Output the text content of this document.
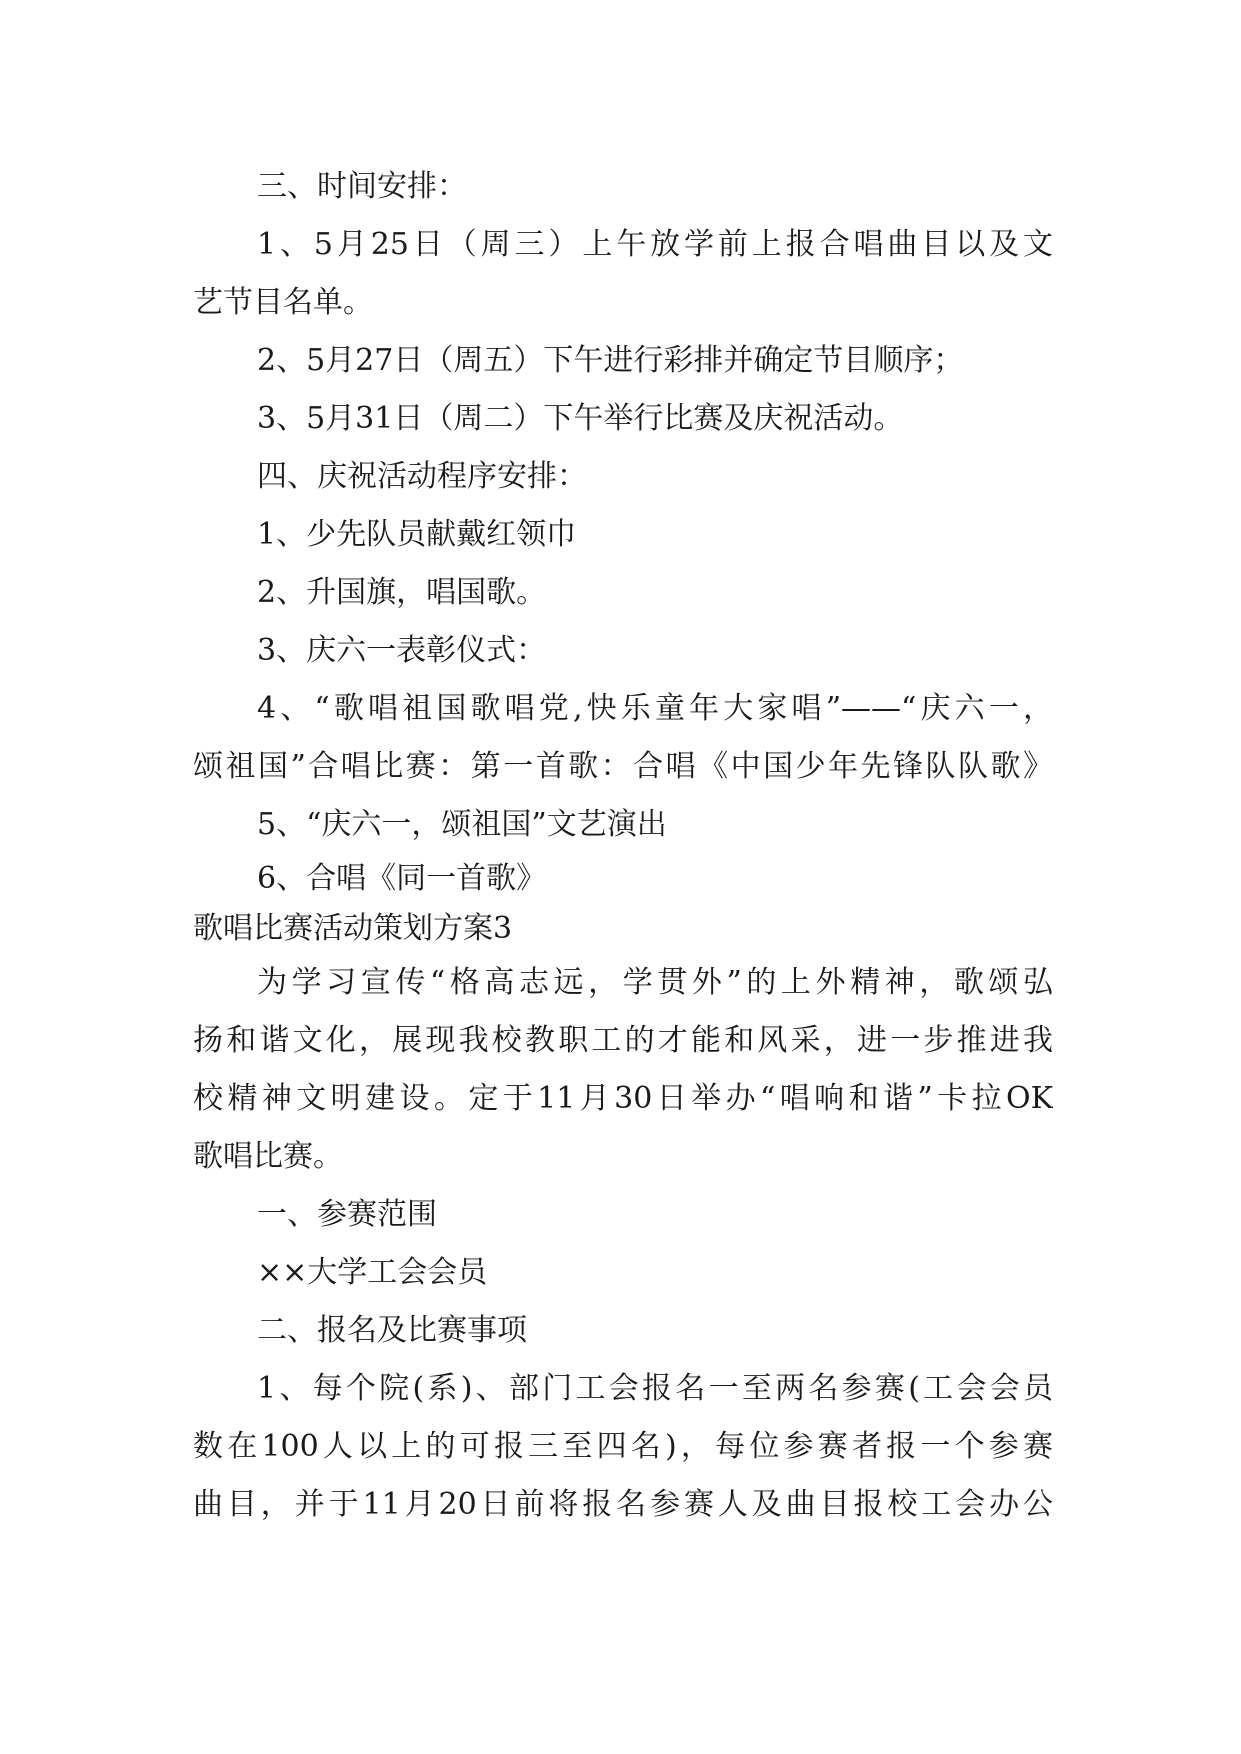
三、时间安排：
1、5月25日（周三）上午放学前上报合唱曲目以及文
艺节目名单。
2、5月27日（周五）下午进行彩排并确定节目顺序；
3、5月31日（周二）下午举行比赛及庆祝活动。
四、庆祝活动程序安排：
1、少先队员献戴红领巾
2、升国旗，唱国歌。
3、庆六一表彰仪式：
4、“歌唱祖国歌唱党,快乐童年大家唱”——“庆六一，
颂祖国”合唱比赛：第一首歌：合唱《中国少年先锋队队歌》
5、“庆六一，颂祖国”文艺演出
6、合唱《同一首歌》
歌唱比赛活动策划方案3
为学习宣传“格高志远，学贯外”的上外精神，歌颂弘
扬和谐文化，展现我校教职工的才能和风采，进一步推进我
校精神文明建设。定于11月30日举办“唱响和谐”卡拉OK
歌唱比赛。
一、参赛范围
××大学工会会员
二、报名及比赛事项
1、每个院(系)、部门工会报名一至两名参赛(工会会员
数在100人以上的可报三至四名)，每位参赛者报一个参赛
曲目，并于11月20日前将报名参赛人及曲目报校工会办公
